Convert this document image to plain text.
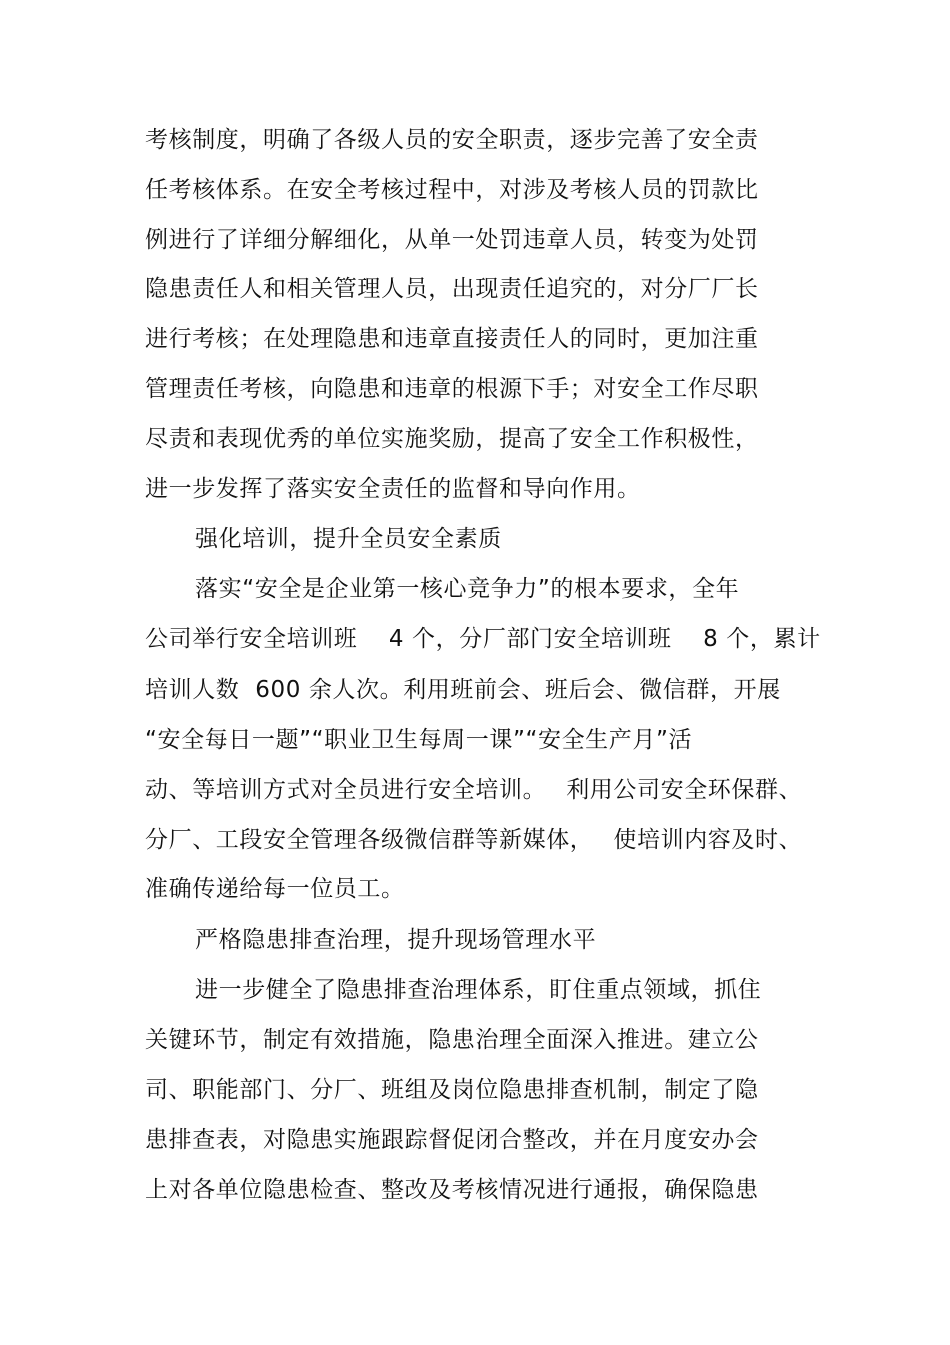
考核制度，明确了各级人员的安全职责，逐步完善了安全责
任考核体系。在安全考核过程中，对涉及考核人员的罚款比
例进行了详细分解细化，从单一处罚违章人员，转变为处罚
隐患责任人和相关管理人员，出现责任追究的，对分厂厂长
进行考核；在处理隐患和违章直接责任人的同时，更加注重
管理责任考核，向隐患和违章的根源下手；对安全工作尽职
尽责和表现优秀的单位实施奖励，提高了安全工作积极性，
进一步发挥了落实安全责任的监督和导向作用。
强化培训，提升全员安全素质
落实“安全是企业第一核心竞争力”的根本要求，全年
公司举行安全培训班　 4 个，分厂部门安全培训班　 8 个，累计
培训人数  600 余人次。利用班前会、班后会、微信群，开展
“安全每日一题”“职业卫生每周一课”“安全生产月”活
动、等培训方式对全员进行安全培训。　 利用公司安全环保群、
分厂、工段安全管理各级微信群等新媒体，　 使培训内容及时、
准确传递给每一位员工。
严格隐患排查治理，提升现场管理水平
进一步健全了隐患排查治理体系，盯住重点领域，抓住
关键环节，制定有效措施，隐患治理全面深入推进。建立公
司、职能部门、分厂、班组及岗位隐患排查机制，制定了隐
患排查表，对隐患实施跟踪督促闭合整改，并在月度安办会
上对各单位隐患检查、整改及考核情况进行通报，确保隐患
